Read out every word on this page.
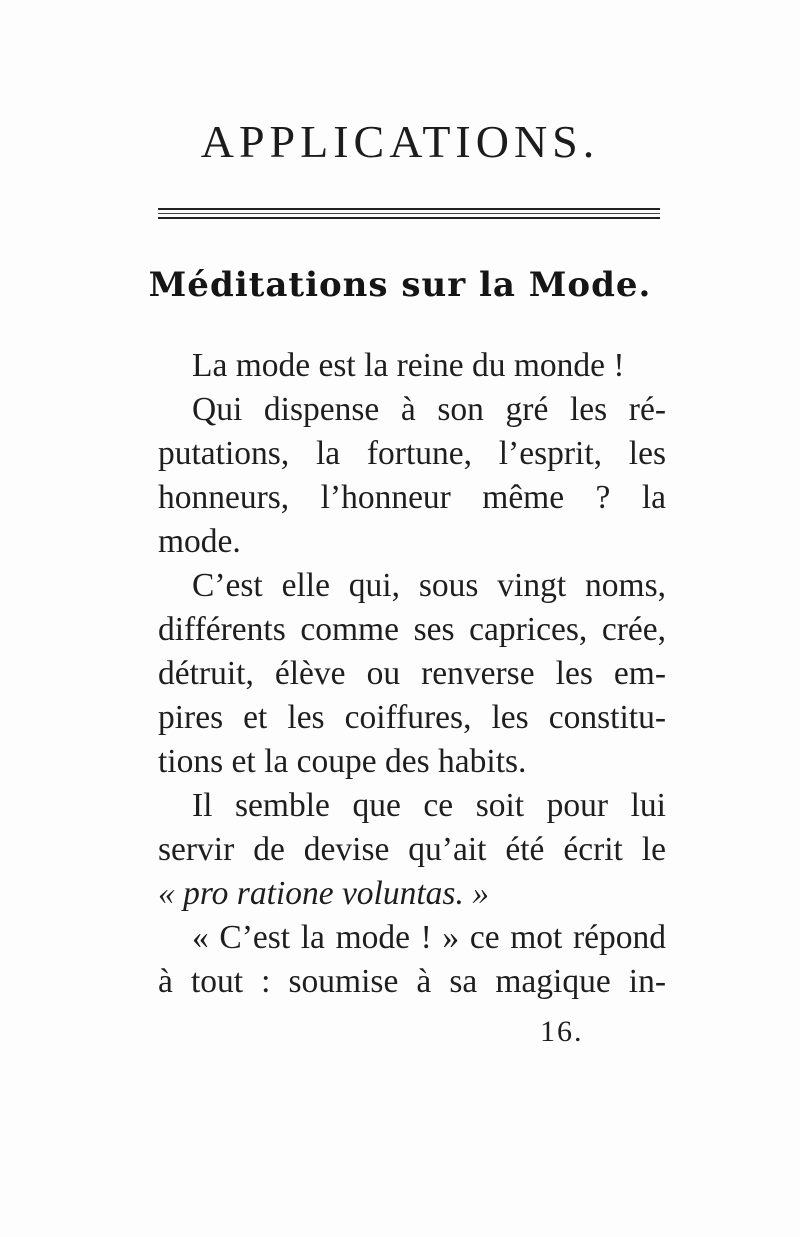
APPLICATIONS.
Méditations sur la Mode.
La mode est la reine du monde !
Qui dispense à son gré les ré-
putations, la fortune, l’esprit, les
honneurs, l’honneur même ? la
mode.
C’est elle qui, sous vingt noms,
différents comme ses caprices, crée,
détruit, élève ou renverse les em-
pires et les coiffures, les constitu-
tions et la coupe des habits.
Il semble que ce soit pour lui
servir de devise qu’ait été écrit le
« pro ratione voluntas. »
« C’est la mode ! » ce mot répond
à tout : soumise à sa magique in-
16.
